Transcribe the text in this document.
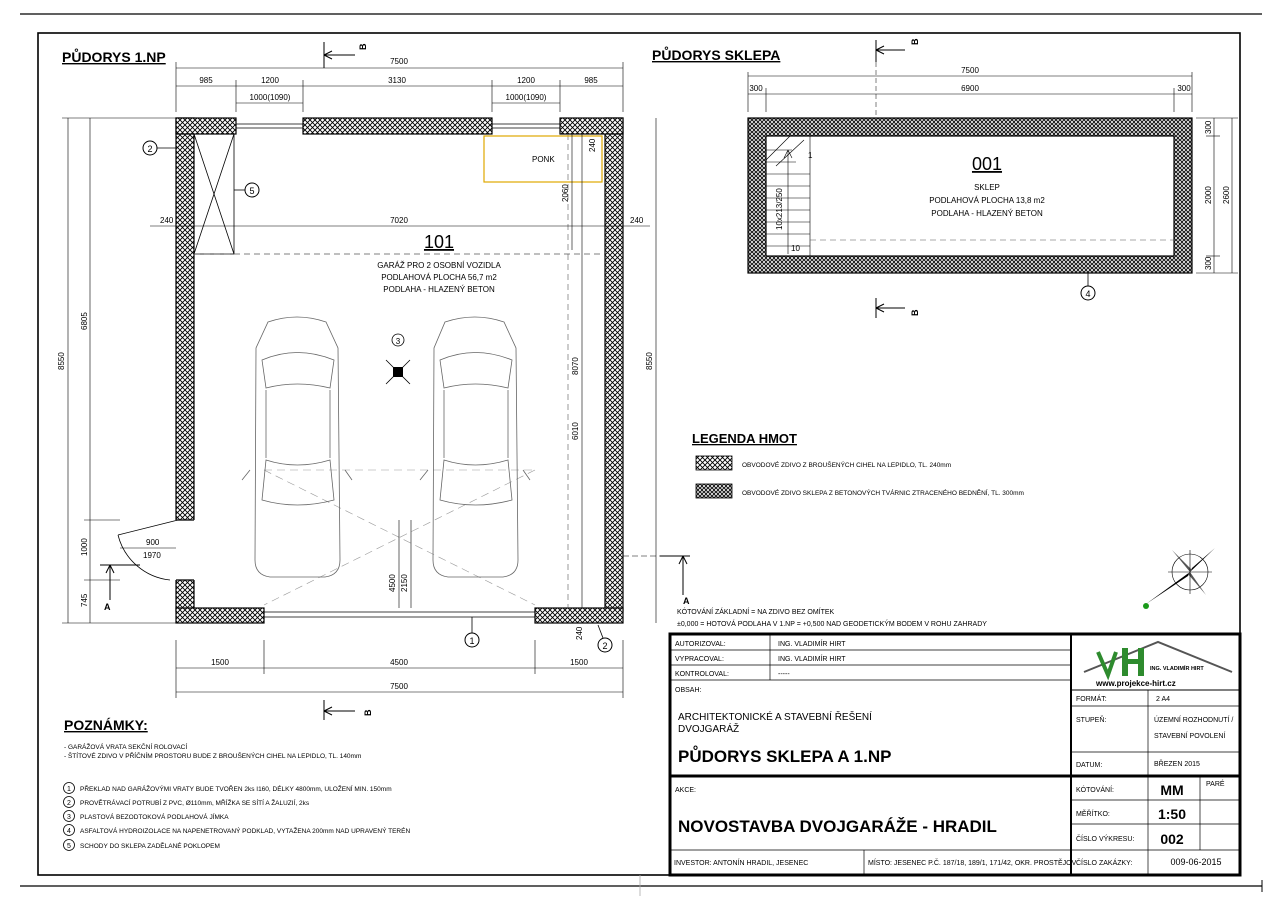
PŮDORYS 1.NP
PONK
101
GARÁŽ PRO 2 OSOBNÍ VOZIDLA
PODLAHOVÁ PLOCHA 56,7 m2
PODLAHA - HLAZENÝ BETON
3
2
5
1	2
B
B
A
A
7500
985	1200	3130	1200	985
1000(1090)	1000(1090)
240	7020	240
8550
6805
1000
745
900
1970
8550
8070
6010
2060
240
4500 2150
240
1500	4500	1500
7500
PŮDORYS SKLEPA
1
10
10x213/250
001
SKLEP
PODLAHOVÁ PLOCHA 13,8 m2
PODLAHA - HLAZENÝ BETON
4
B
B
7500
300	6900	300
300
2000 2600
300
LEGENDA HMOT
OBVODOVÉ ZDIVO Z BROUŠENÝCH CIHEL NA LEPIDLO, TL. 240mm
OBVODOVÉ ZDIVO SKLEPA Z BETONOVÝCH TVÁRNIC ZTRACENÉHO BEDNĚNÍ, TL. 300mm
KÓTOVÁNÍ ZÁKLADNÍ = NA ZDIVO BEZ OMÍTEK
±0,000 = HOTOVÁ PODLAHA V 1.NP = +0,500 NAD GEODETICKÝM BODEM V ROHU ZAHRADY
POZNÁMKY:
- GARÁŽOVÁ VRATA SEKČNÍ ROLOVACÍ
- ŠTÍTOVÉ ZDIVO V PŘÍČNÍM PROSTORU BUDE Z BROUŠENÝCH CIHEL NA LEPIDLO, TL. 140mm
1 PŘEKLAD NAD GARÁŽOVÝMI VRATY BUDE TVOŘEN 2ks I160, DÉLKY 4800mm, ULOŽENÍ MIN. 150mm
2 PROVĚTRÁVACÍ POTRUBÍ Z PVC, Ø110mm, MŘÍŽKA SE SÍTÍ A ŽALUZIÍ, 2ks
3 PLASTOVÁ BEZODTOKOVÁ PODLAHOVÁ JÍMKA
4 ASFALTOVÁ HYDROIZOLACE NA NAPENETROVANÝ PODKLAD, VYTAŽENA 200mm NAD UPRAVENÝ TERÉN
5 SCHODY DO SKLEPA ZADĚLANÉ POKLOPEM
AUTORIZOVAL:	ING. VLADIMÍR HIRT
VYPRACOVAL:	ING. VLADIMÍR HIRT
KONTROLOVAL:	-----
OBSAH:
ARCHITEKTONICKÉ A STAVEBNÍ ŘEŠENÍ
DVOJGARÁŽ
PŮDORYS SKLEPA A 1.NP
AKCE:
NOVOSTAVBA DVOJGARÁŽE - HRADIL
INVESTOR: ANTONÍN HRADIL, JESENEC	MÍSTO: JESENEC P.Č. 187/18, 189/1, 171/42, OKR. PROSTĚJOV
ING. VLADIMÍR HIRT
www.projekce-hirt.cz
FORMÁT:	2 A4
STUPEŇ:	ÚZEMNÍ ROZHODNUTÍ /
STAVEBNÍ POVOLENÍ
DATUM:	BŘEZEN 2015
KÓTOVÁNÍ:	MM	PARÉ
MĚŘÍTKO:	1:50
ČÍSLO VÝKRESU: 002
ČÍSLO ZAKÁZKY:	009-06-2015
